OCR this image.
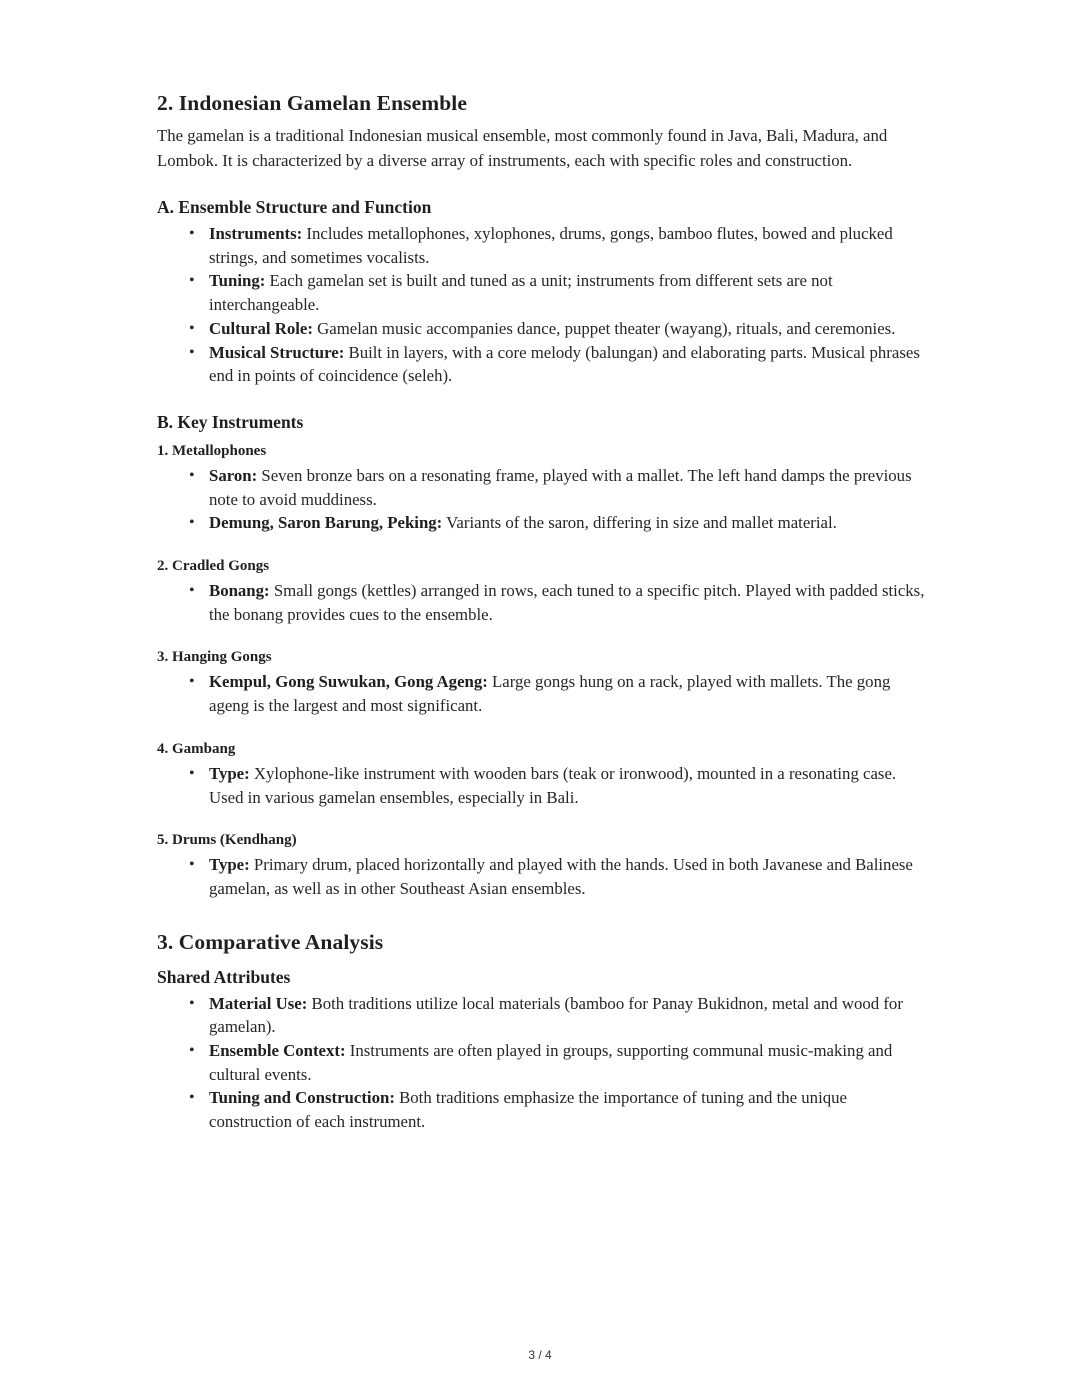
2. Indonesian Gamelan Ensemble

The gamelan is a traditional Indonesian musical ensemble, most commonly found in Java, Bali, Madura, and Lombok. It is characterized by a diverse array of instruments, each with specific roles and construction.

A. Ensemble Structure and Function
• Instruments: Includes metallophones, xylophones, drums, gongs, bamboo flutes, bowed and plucked strings, and sometimes vocalists.
• Tuning: Each gamelan set is built and tuned as a unit; instruments from different sets are not interchangeable.
• Cultural Role: Gamelan music accompanies dance, puppet theater (wayang), rituals, and ceremonies.
• Musical Structure: Built in layers, with a core melody (balungan) and elaborating parts. Musical phrases end in points of coincidence (seleh).
B. Key Instruments
1. Metallophones
• Saron: Seven bronze bars on a resonating frame, played with a mallet. The left hand damps the previous note to avoid muddiness.
• Demung, Saron Barung, Peking: Variants of the saron, differing in size and mallet material.
2. Cradled Gongs
• Bonang: Small gongs (kettles) arranged in rows, each tuned to a specific pitch. Played with padded sticks, the bonang provides cues to the ensemble.
3. Hanging Gongs
• Kempul, Gong Suwukan, Gong Ageng: Large gongs hung on a rack, played with mallets. The gong ageng is the largest and most significant.
4. Gambang
• Type: Xylophone-like instrument with wooden bars (teak or ironwood), mounted in a resonating case. Used in various gamelan ensembles, especially in Bali.
5. Drums (Kendhang)
• Type: Primary drum, placed horizontally and played with the hands. Used in both Javanese and Balinese gamelan, as well as in other Southeast Asian ensembles.
3. Comparative Analysis
Shared Attributes
• Material Use: Both traditions utilize local materials (bamboo for Panay Bukidnon, metal and wood for gamelan).
• Ensemble Context: Instruments are often played in groups, supporting communal music-making and cultural events.
• Tuning and Construction: Both traditions emphasize the importance of tuning and the unique construction of each instrument.
3 / 4
